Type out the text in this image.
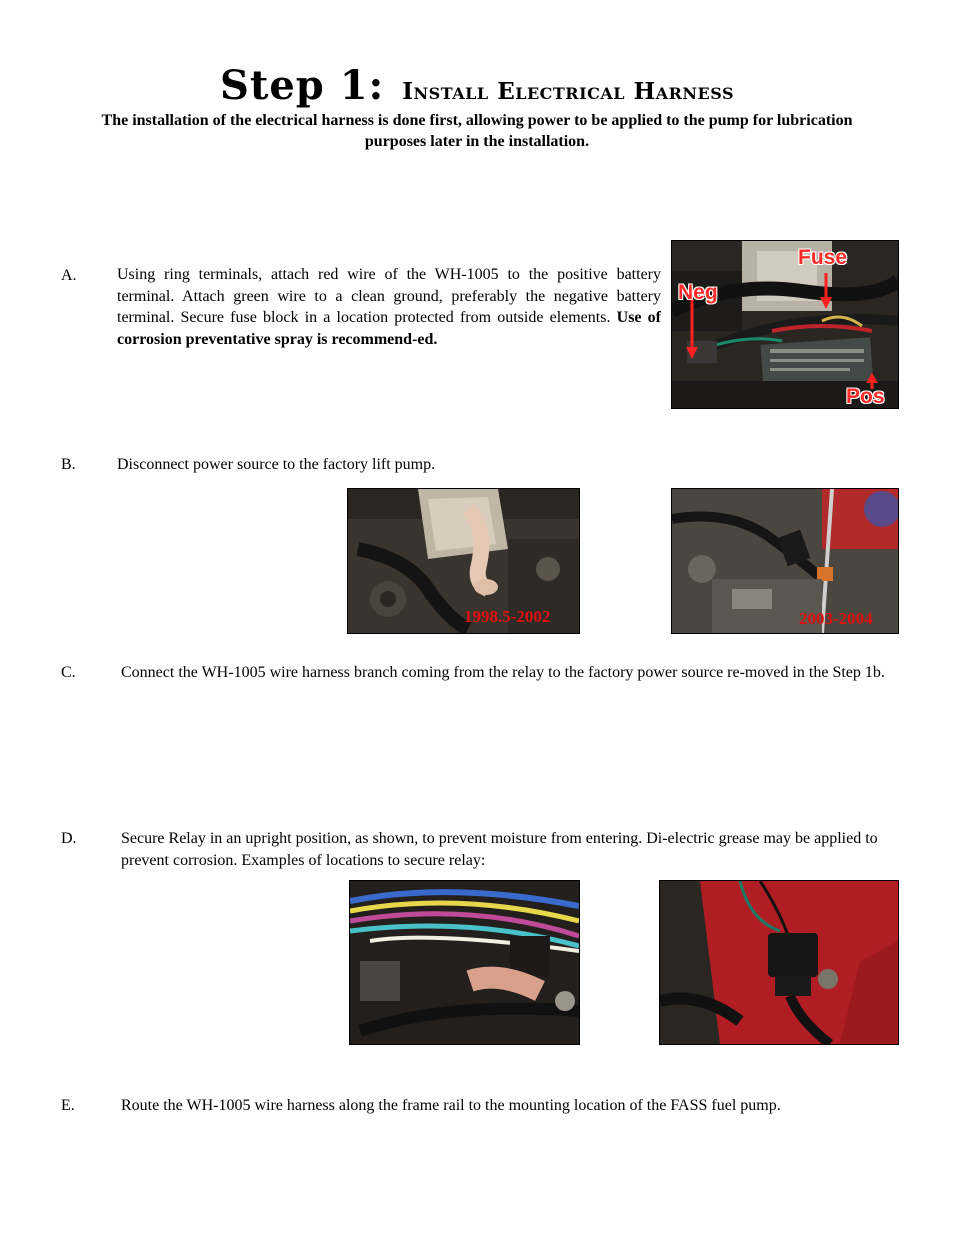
Step 1: Install Electrical Harness
The installation of the electrical harness is done first, allowing power to be applied to the pump for lubrication purposes later in the installation.
A.	Using ring terminals, attach red wire of the WH-1005 to the positive battery terminal. Attach green wire to a clean ground, preferably the negative battery terminal. Secure fuse block in a location protected from outside elements. Use of corrosion preventative spray is recommend-ed.
Fuse
Neg
Pos
B.	Disconnect power source to the factory lift pump.
1998.5-2002	2003-2004
C.	Connect the WH-1005 wire harness branch coming from the relay to the factory power source re-moved in the Step 1b.
D.	Secure Relay in an upright position, as shown, to prevent moisture from entering. Di-electric grease may be applied to prevent corrosion. Examples of locations to secure relay:
E.	Route the WH-1005 wire harness along the frame rail to the mounting location of the FASS fuel pump.
